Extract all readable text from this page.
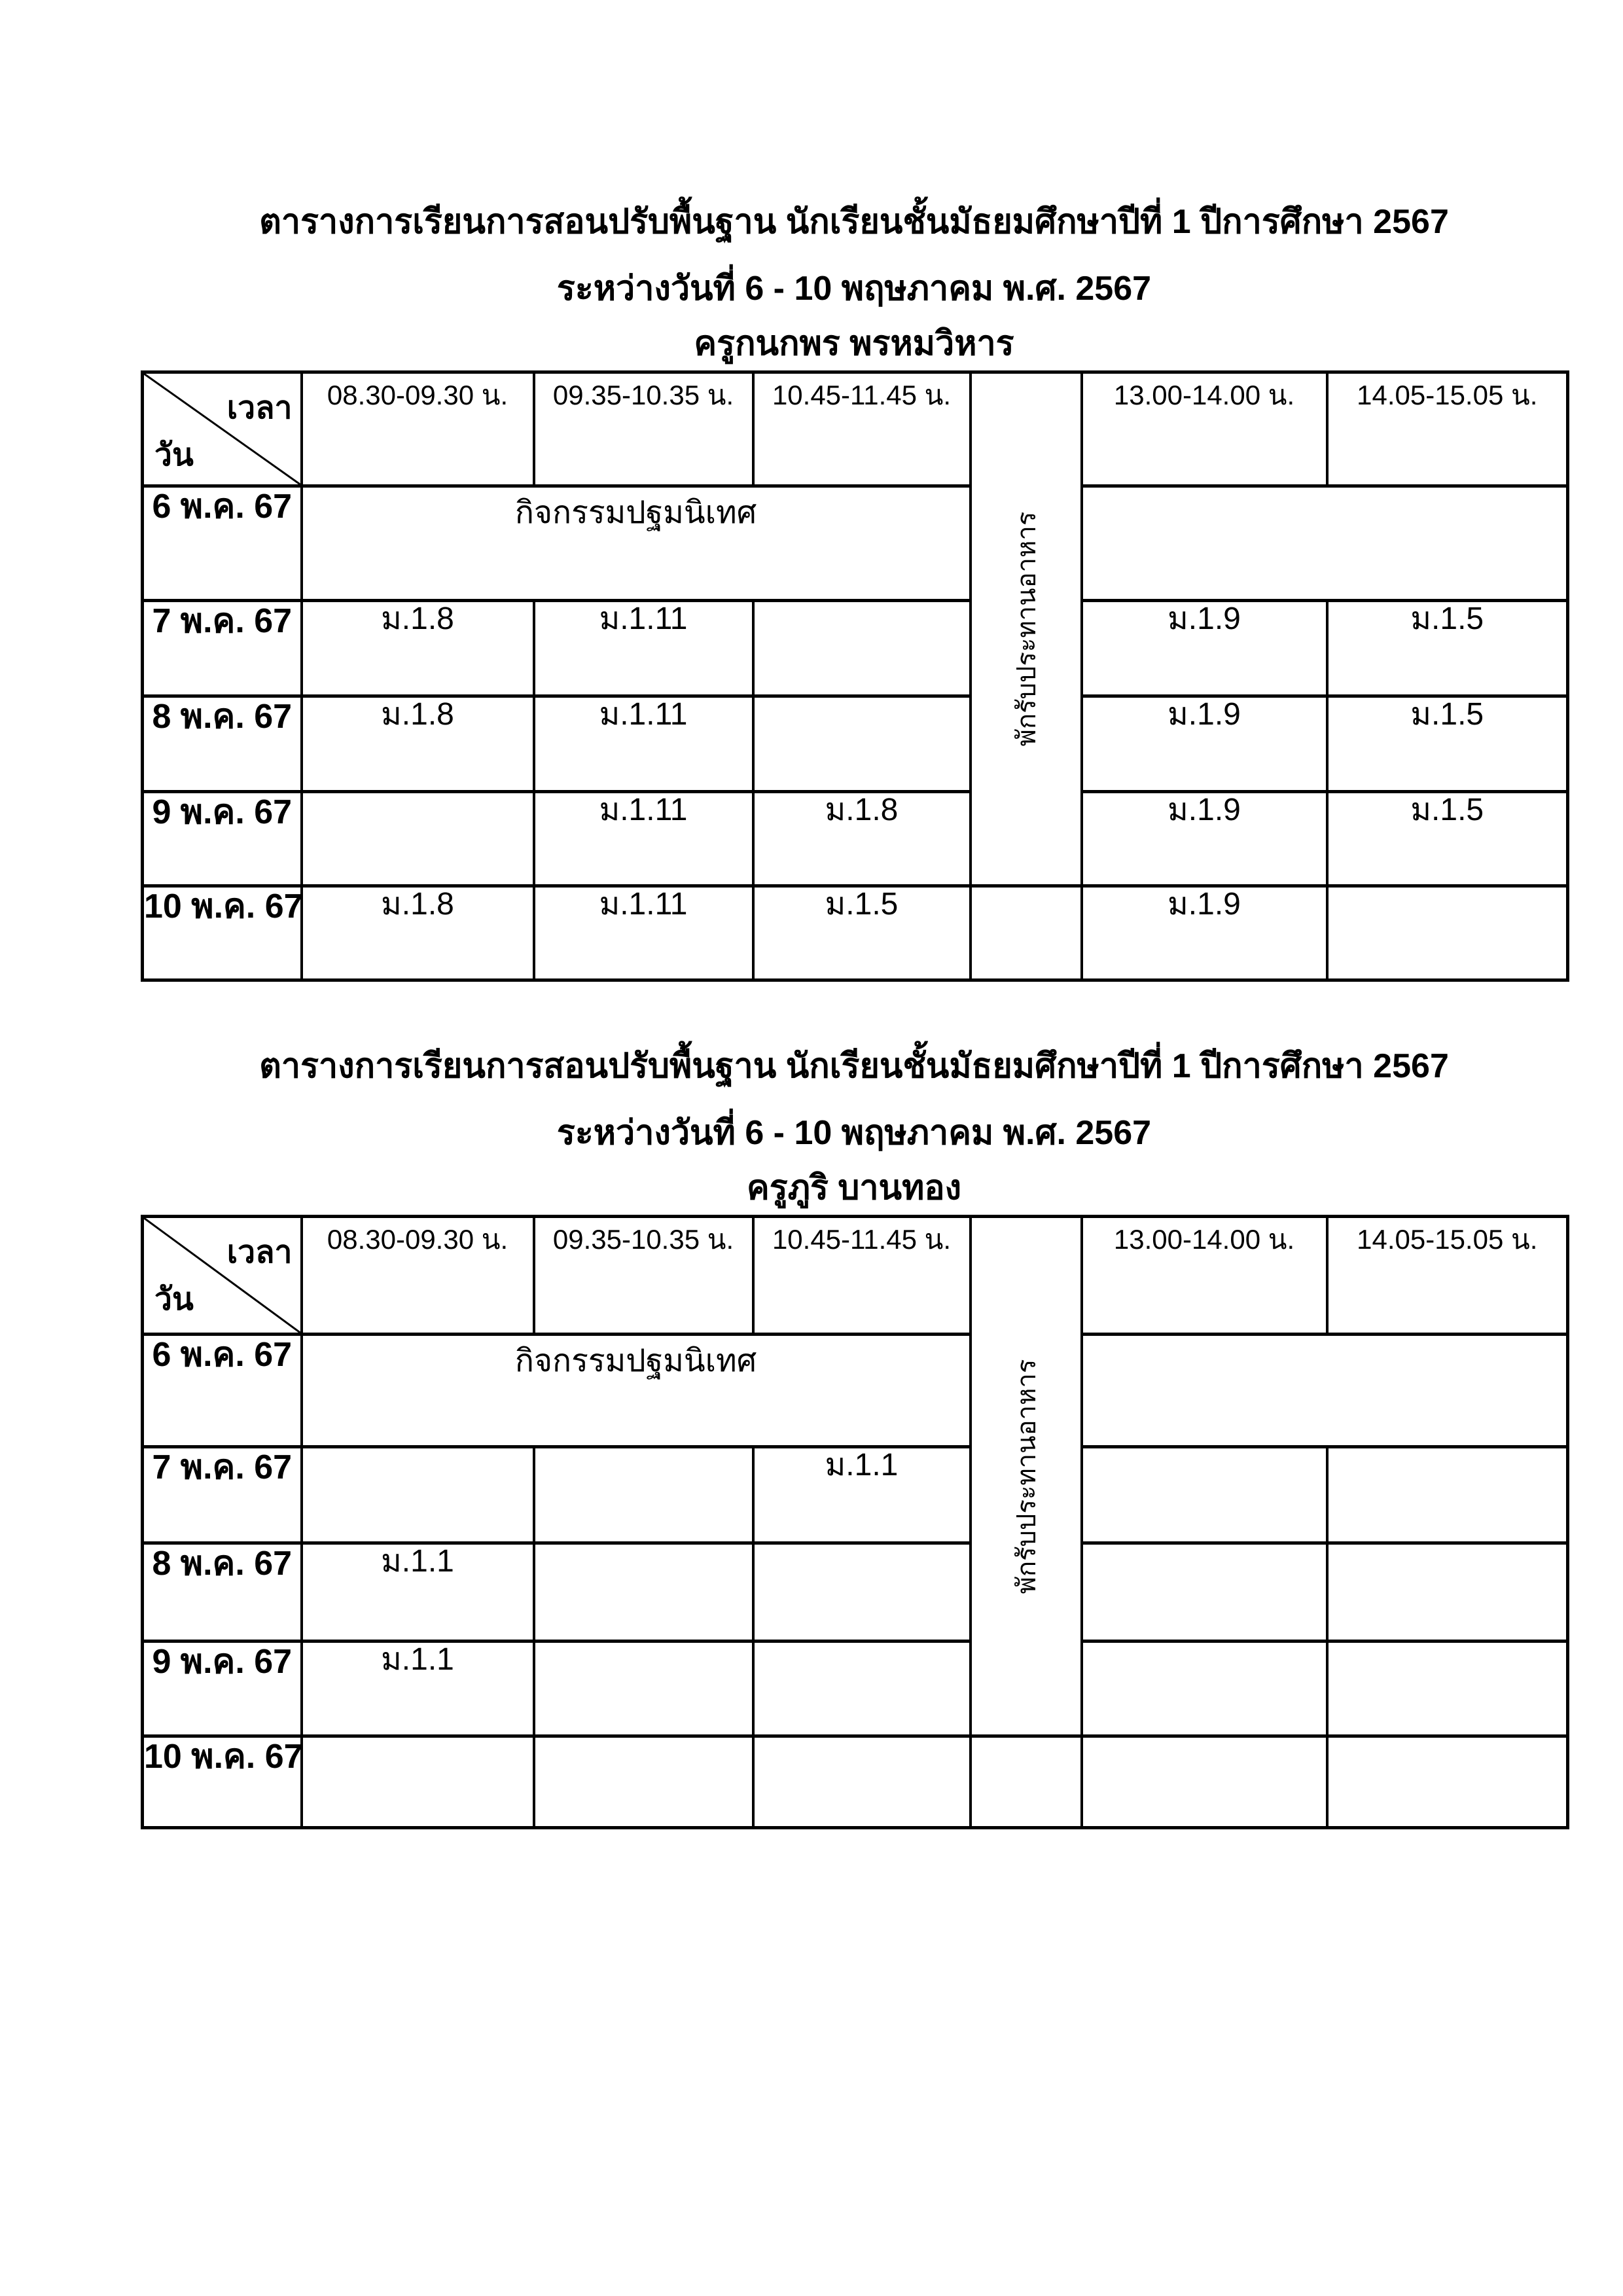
ตารางการเรียนการสอนปรับพื้นฐาน นักเรียนชั้นมัธยมศึกษาปีที่ 1 ปีการศึกษา 2567
ระหว่างวันที่ 6 - 10 พฤษภาคม พ.ศ. 2567
ครูกนกพร พรหมวิหาร
เวลา
วัน	08.30-09.30 น.	09.35-10.35 น.	10.45-11.45 น.	พักรับประทานอาหาร	13.00-14.00 น.	14.05-15.05 น.
6 พ.ค. 67	กิจกรรมปฐมนิเทศ					
7 พ.ค. 67	ม.1.8	ม.1.11			ม.1.9	ม.1.5
8 พ.ค. 67	ม.1.8	ม.1.11			ม.1.9	ม.1.5
9 พ.ค. 67		ม.1.11	ม.1.8		ม.1.9	ม.1.5
10 พ.ค. 67	ม.1.8	ม.1.11	ม.1.5		ม.1.9	
ตารางการเรียนการสอนปรับพื้นฐาน นักเรียนชั้นมัธยมศึกษาปีที่ 1 ปีการศึกษา 2567
ระหว่างวันที่ 6 - 10 พฤษภาคม พ.ศ. 2567
ครูภูริ บานทอง
เวลา
วัน	08.30-09.30 น.	09.35-10.35 น.	10.45-11.45 น.	พักรับประทานอาหาร	13.00-14.00 น.	14.05-15.05 น.
6 พ.ค. 67	กิจกรรมปฐมนิเทศ					
7 พ.ค. 67			ม.1.1			
8 พ.ค. 67	ม.1.1					
9 พ.ค. 67	ม.1.1					
10 พ.ค. 67						
